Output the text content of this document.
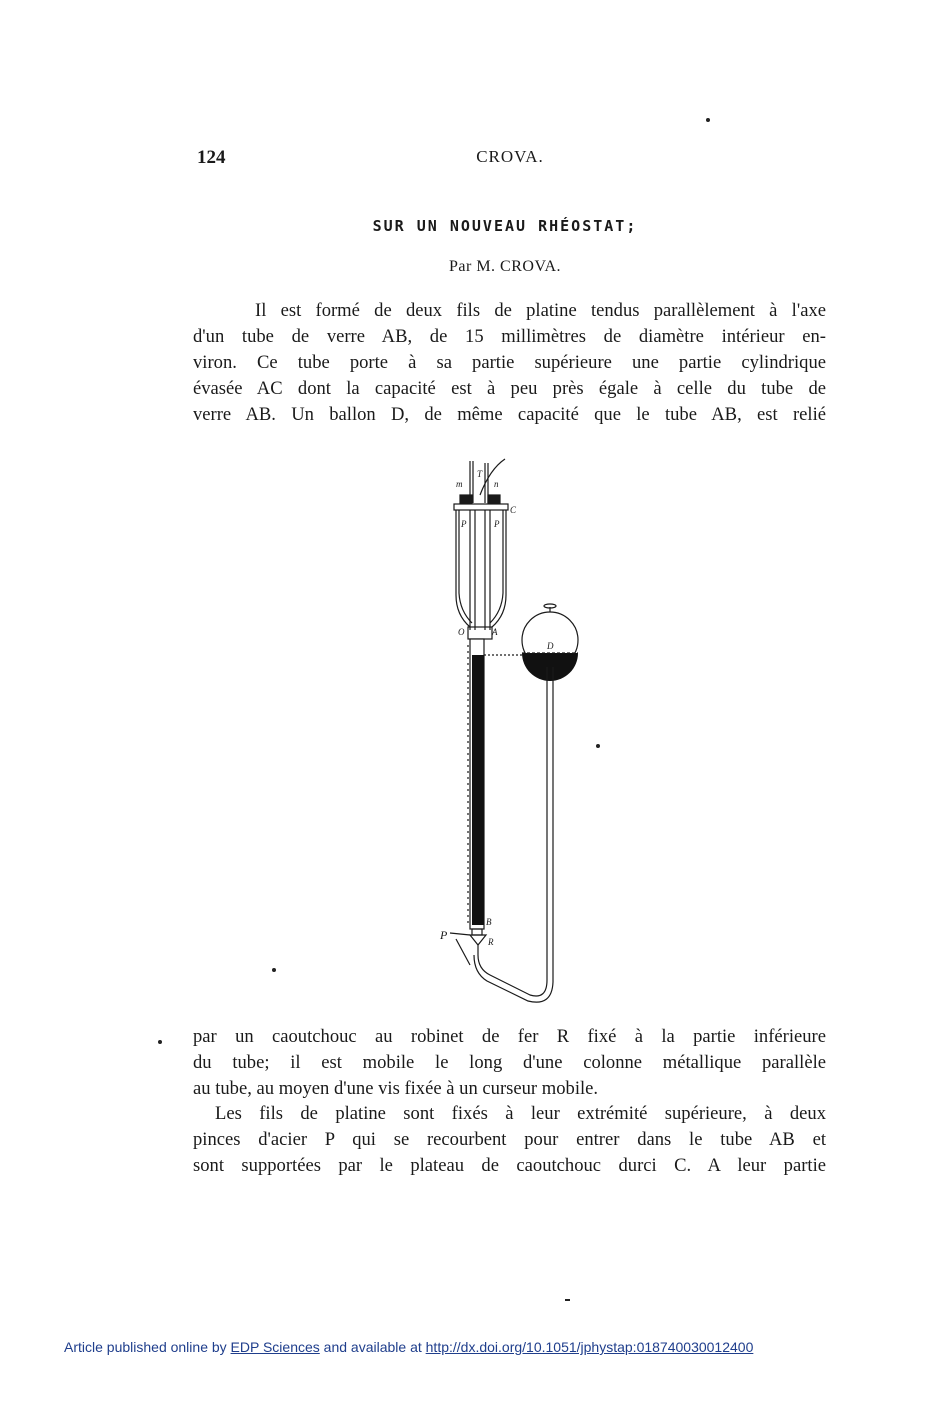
124	CROVA.
SUR UN NOUVEAU RHÉOSTAT;
Par M. CROVA.
Il est formé de deux fils de platine tendus parallèlement à l'axe
d'un tube de verre AB, de 15 millimètres de diamètre intérieur en-
viron. Ce tube porte à sa partie supérieure une partie cylindrique
évasée AC dont la capacité est à peu près égale à celle du tube de
verre AB. Un ballon D, de même capacité que le tube AB, est relié
m	n
T
C
P	P
O	A
D
B
R
P
par un caoutchouc au robinet de fer R fixé à la partie inférieure
du tube; il est mobile le long d'une colonne métallique parallèle
au tube, au moyen d'une vis fixée à un curseur mobile.
Les fils de platine sont fixés à leur extrémité supérieure, à deux
pinces d'acier P qui se recourbent pour entrer dans le tube AB et
sont supportées par le plateau de caoutchouc durci C. A leur partie
Article published online by EDP Sciences and available at http://dx.doi.org/10.1051/jphystap:018740030012400
